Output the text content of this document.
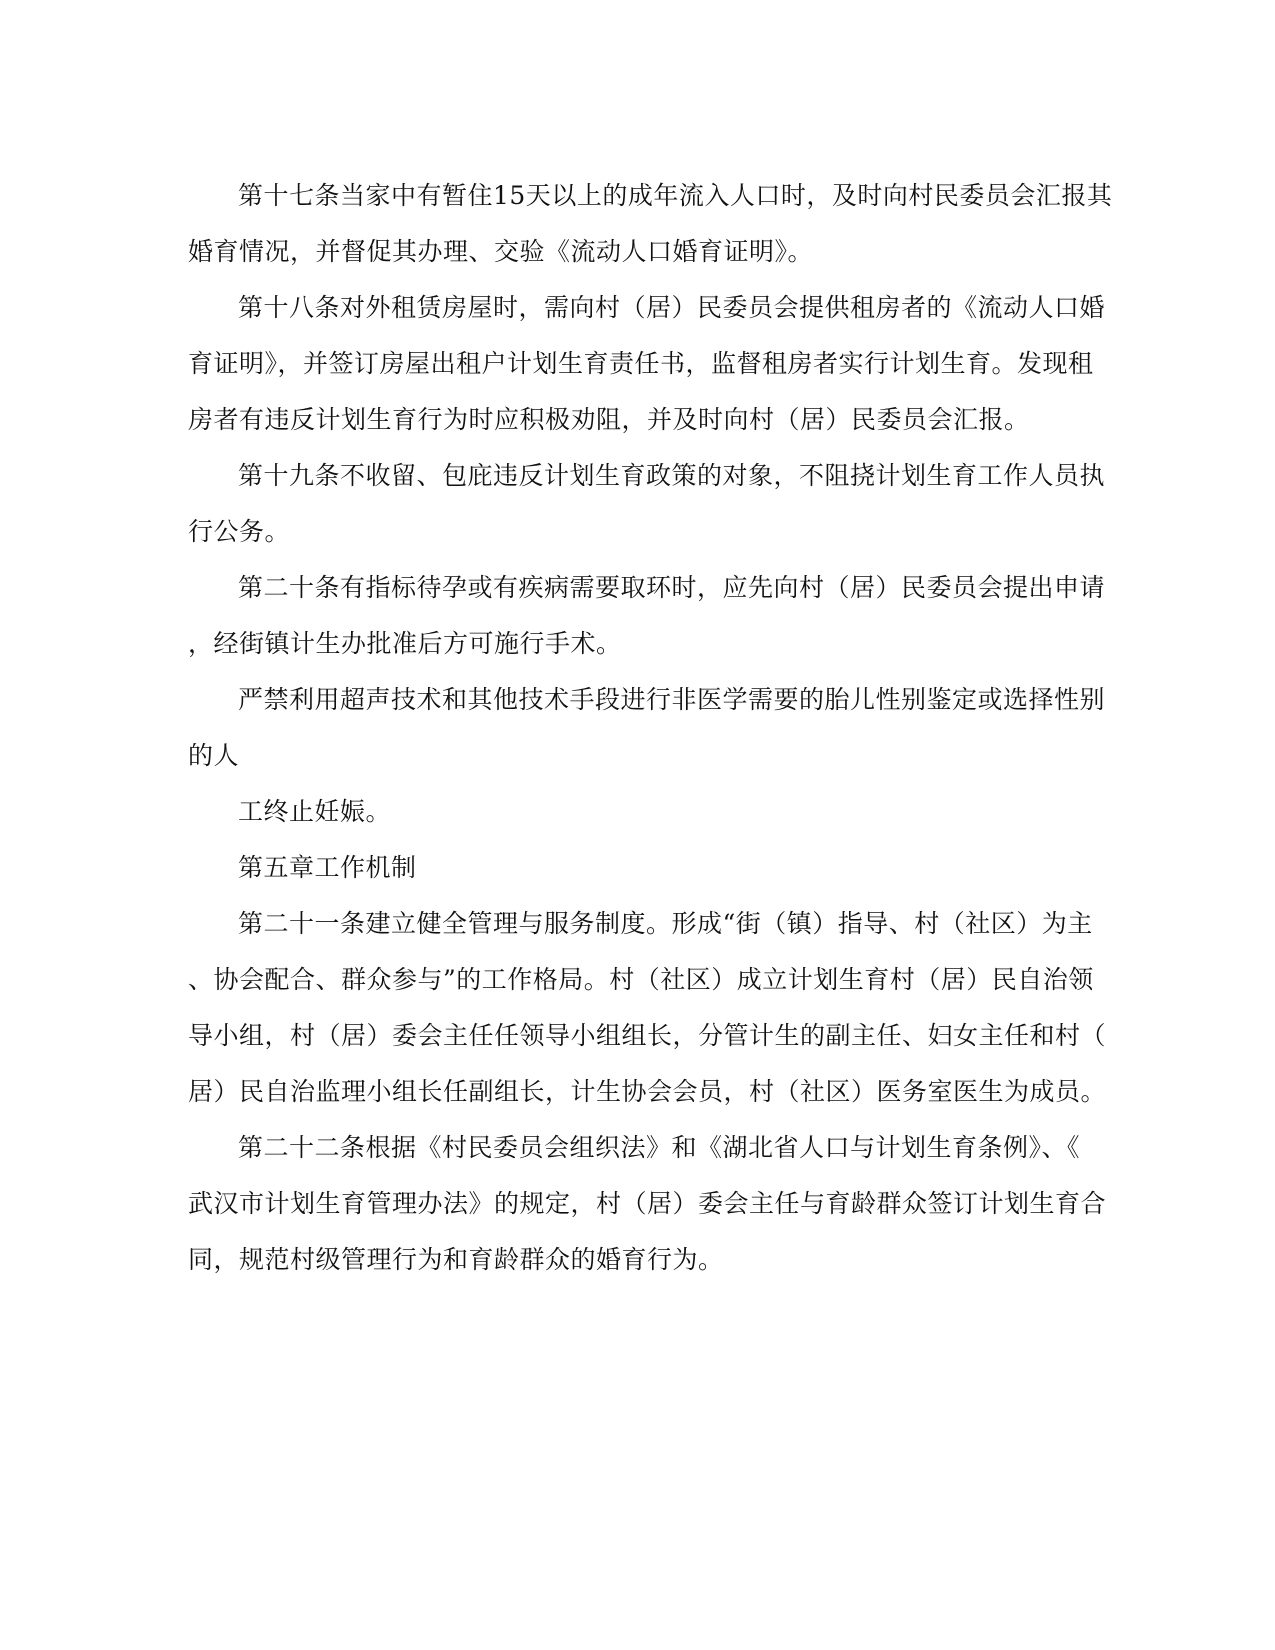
第十七条当家中有暂住15天以上的成年流入人口时，及时向村民委员会汇报其
婚育情况，并督促其办理、交验《流动人口婚育证明》。
第十八条对外租赁房屋时，需向村（居）民委员会提供租房者的《流动人口婚
育证明》，并签订房屋出租户计划生育责任书，监督租房者实行计划生育。发现租
房者有违反计划生育行为时应积极劝阻，并及时向村（居）民委员会汇报。
第十九条不收留、包庇违反计划生育政策的对象，不阻挠计划生育工作人员执
行公务。
第二十条有指标待孕或有疾病需要取环时，应先向村（居）民委员会提出申请
，经街镇计生办批准后方可施行手术。
严禁利用超声技术和其他技术手段进行非医学需要的胎儿性别鉴定或选择性别
的人
工终止妊娠。
第五章工作机制
第二十一条建立健全管理与服务制度。形成“街（镇）指导、村（社区）为主
、协会配合、群众参与”的工作格局。村（社区）成立计划生育村（居）民自治领
导小组，村（居）委会主任任领导小组组长，分管计生的副主任、妇女主任和村（
居）民自治监理小组长任副组长，计生协会会员，村（社区）医务室医生为成员。
第二十二条根据《村民委员会组织法》和《湖北省人口与计划生育条例》、《
武汉市计划生育管理办法》的规定，村（居）委会主任与育龄群众签订计划生育合
同，规范村级管理行为和育龄群众的婚育行为。
